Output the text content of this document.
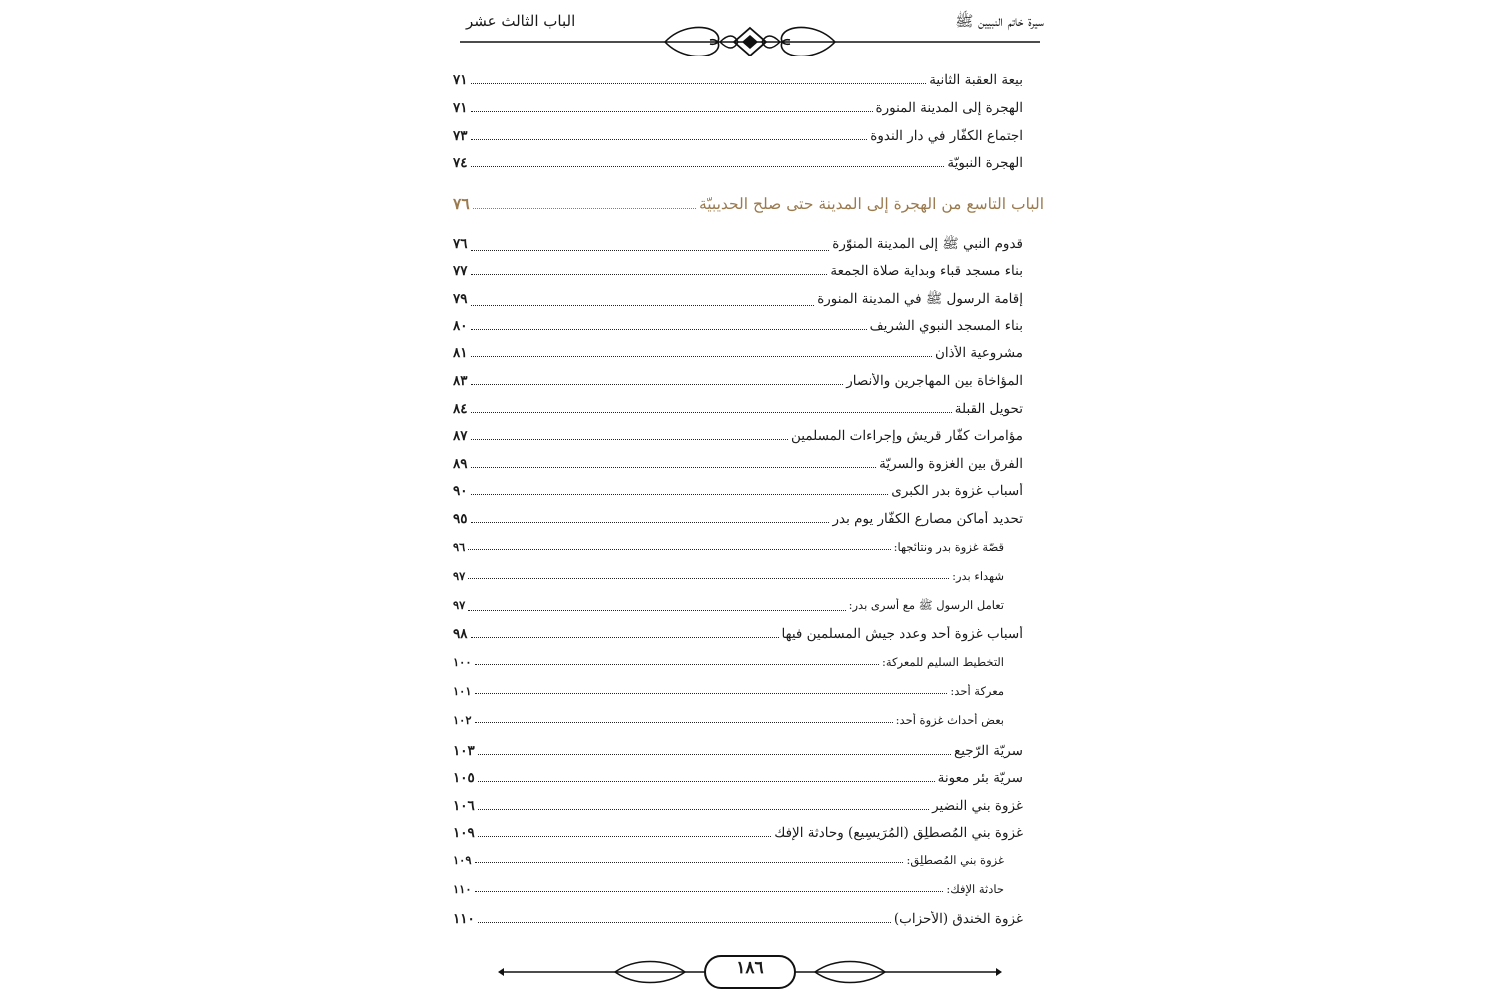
الباب الثالث عشر	سيرة خاتم النبيين ﷺ
بيعة العقبة الثانية
٧١
الهجرة إلى المدينة المنورة
٧١
اجتماع الكفّار في دار الندوة
٧٣
الهجرة النبويّة
٧٤
الباب التاسع من الهجرة إلى المدينة حتى صلح الحديبيّة
٧٦
قدوم النبي ﷺ إلى المدينة المنوّرة
٧٦
بناء مسجد قباء وبداية صلاة الجمعة
٧٧
إقامة الرسول ﷺ في المدينة المنورة
٧٩
بناء المسجد النبوي الشريف
٨٠
مشروعية الأذان
٨١
المؤاخاة بين المهاجرين والأنصار
٨٣
تحويل القبلة
٨٤
مؤامرات كفّار قريش وإجراءات المسلمين
٨٧
الفرق بين الغزوة والسريّة
٨٩
أسباب غزوة بدر الكبرى
٩٠
تحديد أماكن مصارع الكفّار يوم بدر
٩٥
قصّة غزوة بدر ونتائجها:
٩٦
شهداء بدر:
٩٧
تعامل الرسول ﷺ مع أسرى بدر:
٩٧
أسباب غزوة أحد وعدد جيش المسلمين فيها
٩٨
التخطيط السليم للمعركة:
١٠٠
معركة أحد:
١٠١
بعض أحداث غزوة أحد:
١٠٢
سريّة الرّجيع
١٠٣
سريّة بئر معونة
١٠٥
غزوة بني النضير
١٠٦
غزوة بني المُصطلِق (المُرَيسِيع) وحادثة الإفك
١٠٩
غزوة بني المُصطلِق:
١٠٩
حادثة الإفك:
١١٠
غزوة الخندق (الأحزاب)
١١٠
١٨٦
